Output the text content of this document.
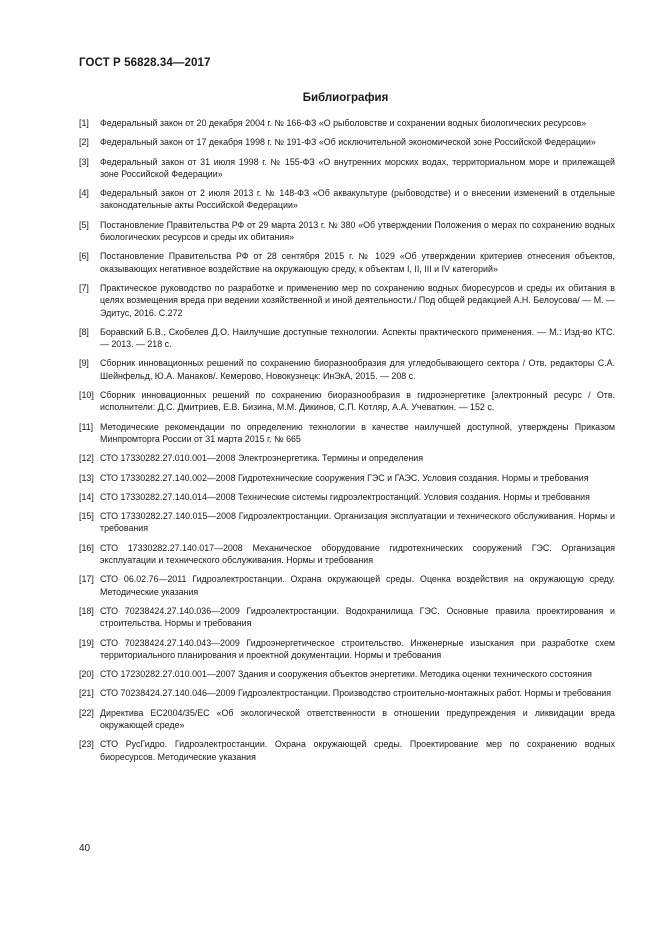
ГОСТ Р 56828.34—2017
Библиография
[1] Федеральный закон от 20 декабря 2004 г. № 166-ФЗ «О рыболовстве и сохранении водных биологических ресурсов»
[2] Федеральный закон от 17 декабря 1998 г. № 191-ФЗ «Об исключительной экономической зоне Российской Федерации»
[3] Федеральный закон от 31 июля 1998 г. № 155-ФЗ «О внутренних морских водах, территориальном море и прилежащей зоне Российской Федерации»
[4] Федеральный закон от 2 июля 2013 г. № 148-ФЗ «Об аквакультуре (рыбоводстве) и о внесении изменений в отдельные законодательные акты Российской Федерации»
[5] Постановление Правительства РФ от 29 марта 2013 г. № 380 «Об утверждении Положения о мерах по сохранению водных биологических ресурсов и среды их обитания»
[6] Постановление Правительства РФ от 28 сентября 2015 г. № 1029 «Об утверждении критериев отнесения объектов, оказывающих негативное воздействие на окружающую среду, к объектам I, II, III и IV категорий»
[7] Практическое руководство по разработке и применению мер по сохранению водных биоресурсов и среды их обитания в целях возмещения вреда при ведении хозяйственной и иной деятельности./ Под общей редакцией А.Н. Белоусова/ — М. — Эдитус, 2016. С.272
[8] Боравский Б.В., Скобелев Д.О. Наилучшие доступные технологии. Аспекты практического применения. — М.: Изд-во КТС. — 2013. — 218 с.
[9] Сборник инновационных решений по сохранению биоразнообразия для угледобывающего сектора / Отв. редакторы С.А. Шейнфельд, Ю.А. Манаков/. Кемерово, Новокузнецк: ИнЭкА, 2015. — 208 с.
[10] Сборник инновационных решений по сохранению биоразнообразия в гидроэнергетике [электронный ресурс / Отв. исполнители: Д.С. Дмитриев, Е.В. Бизина, М.М. Дикинов, С.П. Котляр, А.А. Учеваткин. — 152 с.
[11] Методические рекомендации по определению технологии в качестве наилучшей доступной, утверждены Приказом Минпромторга России от 31 марта 2015 г. № 665
[12] СТО 17330282.27.010.001—2008 Электроэнергетика. Термины и определения
[13] СТО 17330282.27.140.002—2008 Гидротехнические сооружения ГЭС и ГАЭС. Условия создания. Нормы и требования
[14] СТО 17330282.27.140.014—2008 Технические системы гидроэлектростанций. Условия создания. Нормы и требования
[15] СТО 17330282.27.140.015—2008 Гидроэлектростанции. Организация эксплуатации и технического обслуживания. Нормы и требования
[16] СТО 17330282.27.140.017—2008 Механическое оборудование гидротехнических сооружений ГЭС. Организация эксплуатации и технического обслуживания. Нормы и требования
[17] СТО 06.02.76—2011 Гидроэлектростанции. Охрана окружающей среды. Оценка воздействия на окружающую среду. Методические указания
[18] СТО 70238424.27.140.036—2009 Гидроэлектростанции. Водохранилища ГЭС. Основные правила проектирования и строительства. Нормы и требования
[19] СТО 70238424.27.140.043—2009 Гидроэнергетическое строительство. Инженерные изыскания при разработке схем территориального планирования и проектной документации. Нормы и требования
[20] СТО 17230282.27.010.001—2007 Здания и сооружения объектов энергетики. Методика оценки технического состояния
[21] СТО 70238424.27.140.046—2009 Гидроэлектростанции. Производство строительно-монтажных работ. Нормы и требования
[22] Директива EC2004/35/EC «Об экологической ответственности в отношении предупреждения и ликвидации вреда окружающей среде»
[23] СТО РусГидро. Гидроэлектростанции. Охрана окружающей среды. Проектирование мер по сохранению водных биоресурсов. Методические указания
40
